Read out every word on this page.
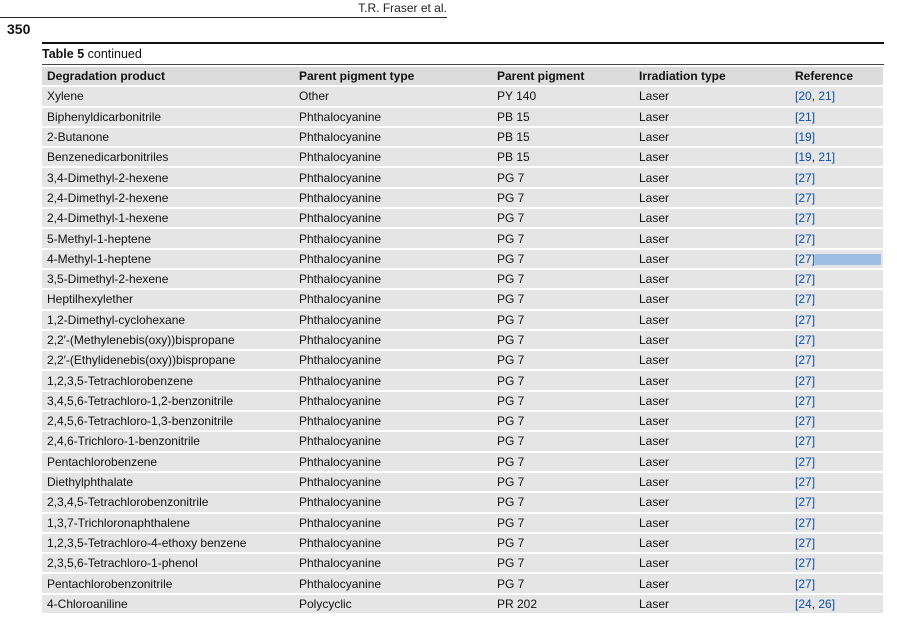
T.R. Fraser et al.
350
Table 5 continued
Degradation product	Parent pigment type	Parent pigment	Irradiation type	Reference
Xylene	Other	PY 140	Laser	[20, 21]
Biphenyldicarbonitrile	Phthalocyanine	PB 15	Laser	[21]
2-Butanone	Phthalocyanine	PB 15	Laser	[19]
Benzenedicarbonitriles	Phthalocyanine	PB 15	Laser	[19, 21]
3,4-Dimethyl-2-hexene	Phthalocyanine	PG 7	Laser	[27]
2,4-Dimethyl-2-hexene	Phthalocyanine	PG 7	Laser	[27]
2,4-Dimethyl-1-hexene	Phthalocyanine	PG 7	Laser	[27]
5-Methyl-1-heptene	Phthalocyanine	PG 7	Laser	[27]
4-Methyl-1-heptene	Phthalocyanine	PG 7	Laser	[27]
3,5-Dimethyl-2-hexene	Phthalocyanine	PG 7	Laser	[27]
Heptilhexylether	Phthalocyanine	PG 7	Laser	[27]
1,2-Dimethyl-cyclohexane	Phthalocyanine	PG 7	Laser	[27]
2,2′-(Methylenebis(oxy))bispropane	Phthalocyanine	PG 7	Laser	[27]
2,2′-(Ethylidenebis(oxy))bispropane	Phthalocyanine	PG 7	Laser	[27]
1,2,3,5-Tetrachlorobenzene	Phthalocyanine	PG 7	Laser	[27]
3,4,5,6-Tetrachloro-1,2-benzonitrile	Phthalocyanine	PG 7	Laser	[27]
2,4,5,6-Tetrachloro-1,3-benzonitrile	Phthalocyanine	PG 7	Laser	[27]
2,4,6-Trichloro-1-benzonitrile	Phthalocyanine	PG 7	Laser	[27]
Pentachlorobenzene	Phthalocyanine	PG 7	Laser	[27]
Diethylphthalate	Phthalocyanine	PG 7	Laser	[27]
2,3,4,5-Tetrachlorobenzonitrile	Phthalocyanine	PG 7	Laser	[27]
1,3,7-Trichloronaphthalene	Phthalocyanine	PG 7	Laser	[27]
1,2,3,5-Tetrachloro-4-ethoxy benzene	Phthalocyanine	PG 7	Laser	[27]
2,3,5,6-Tetrachloro-1-phenol	Phthalocyanine	PG 7	Laser	[27]
Pentachlorobenzonitrile	Phthalocyanine	PG 7	Laser	[27]
4-Chloroaniline	Polycyclic	PR 202	Laser	[24, 26]
